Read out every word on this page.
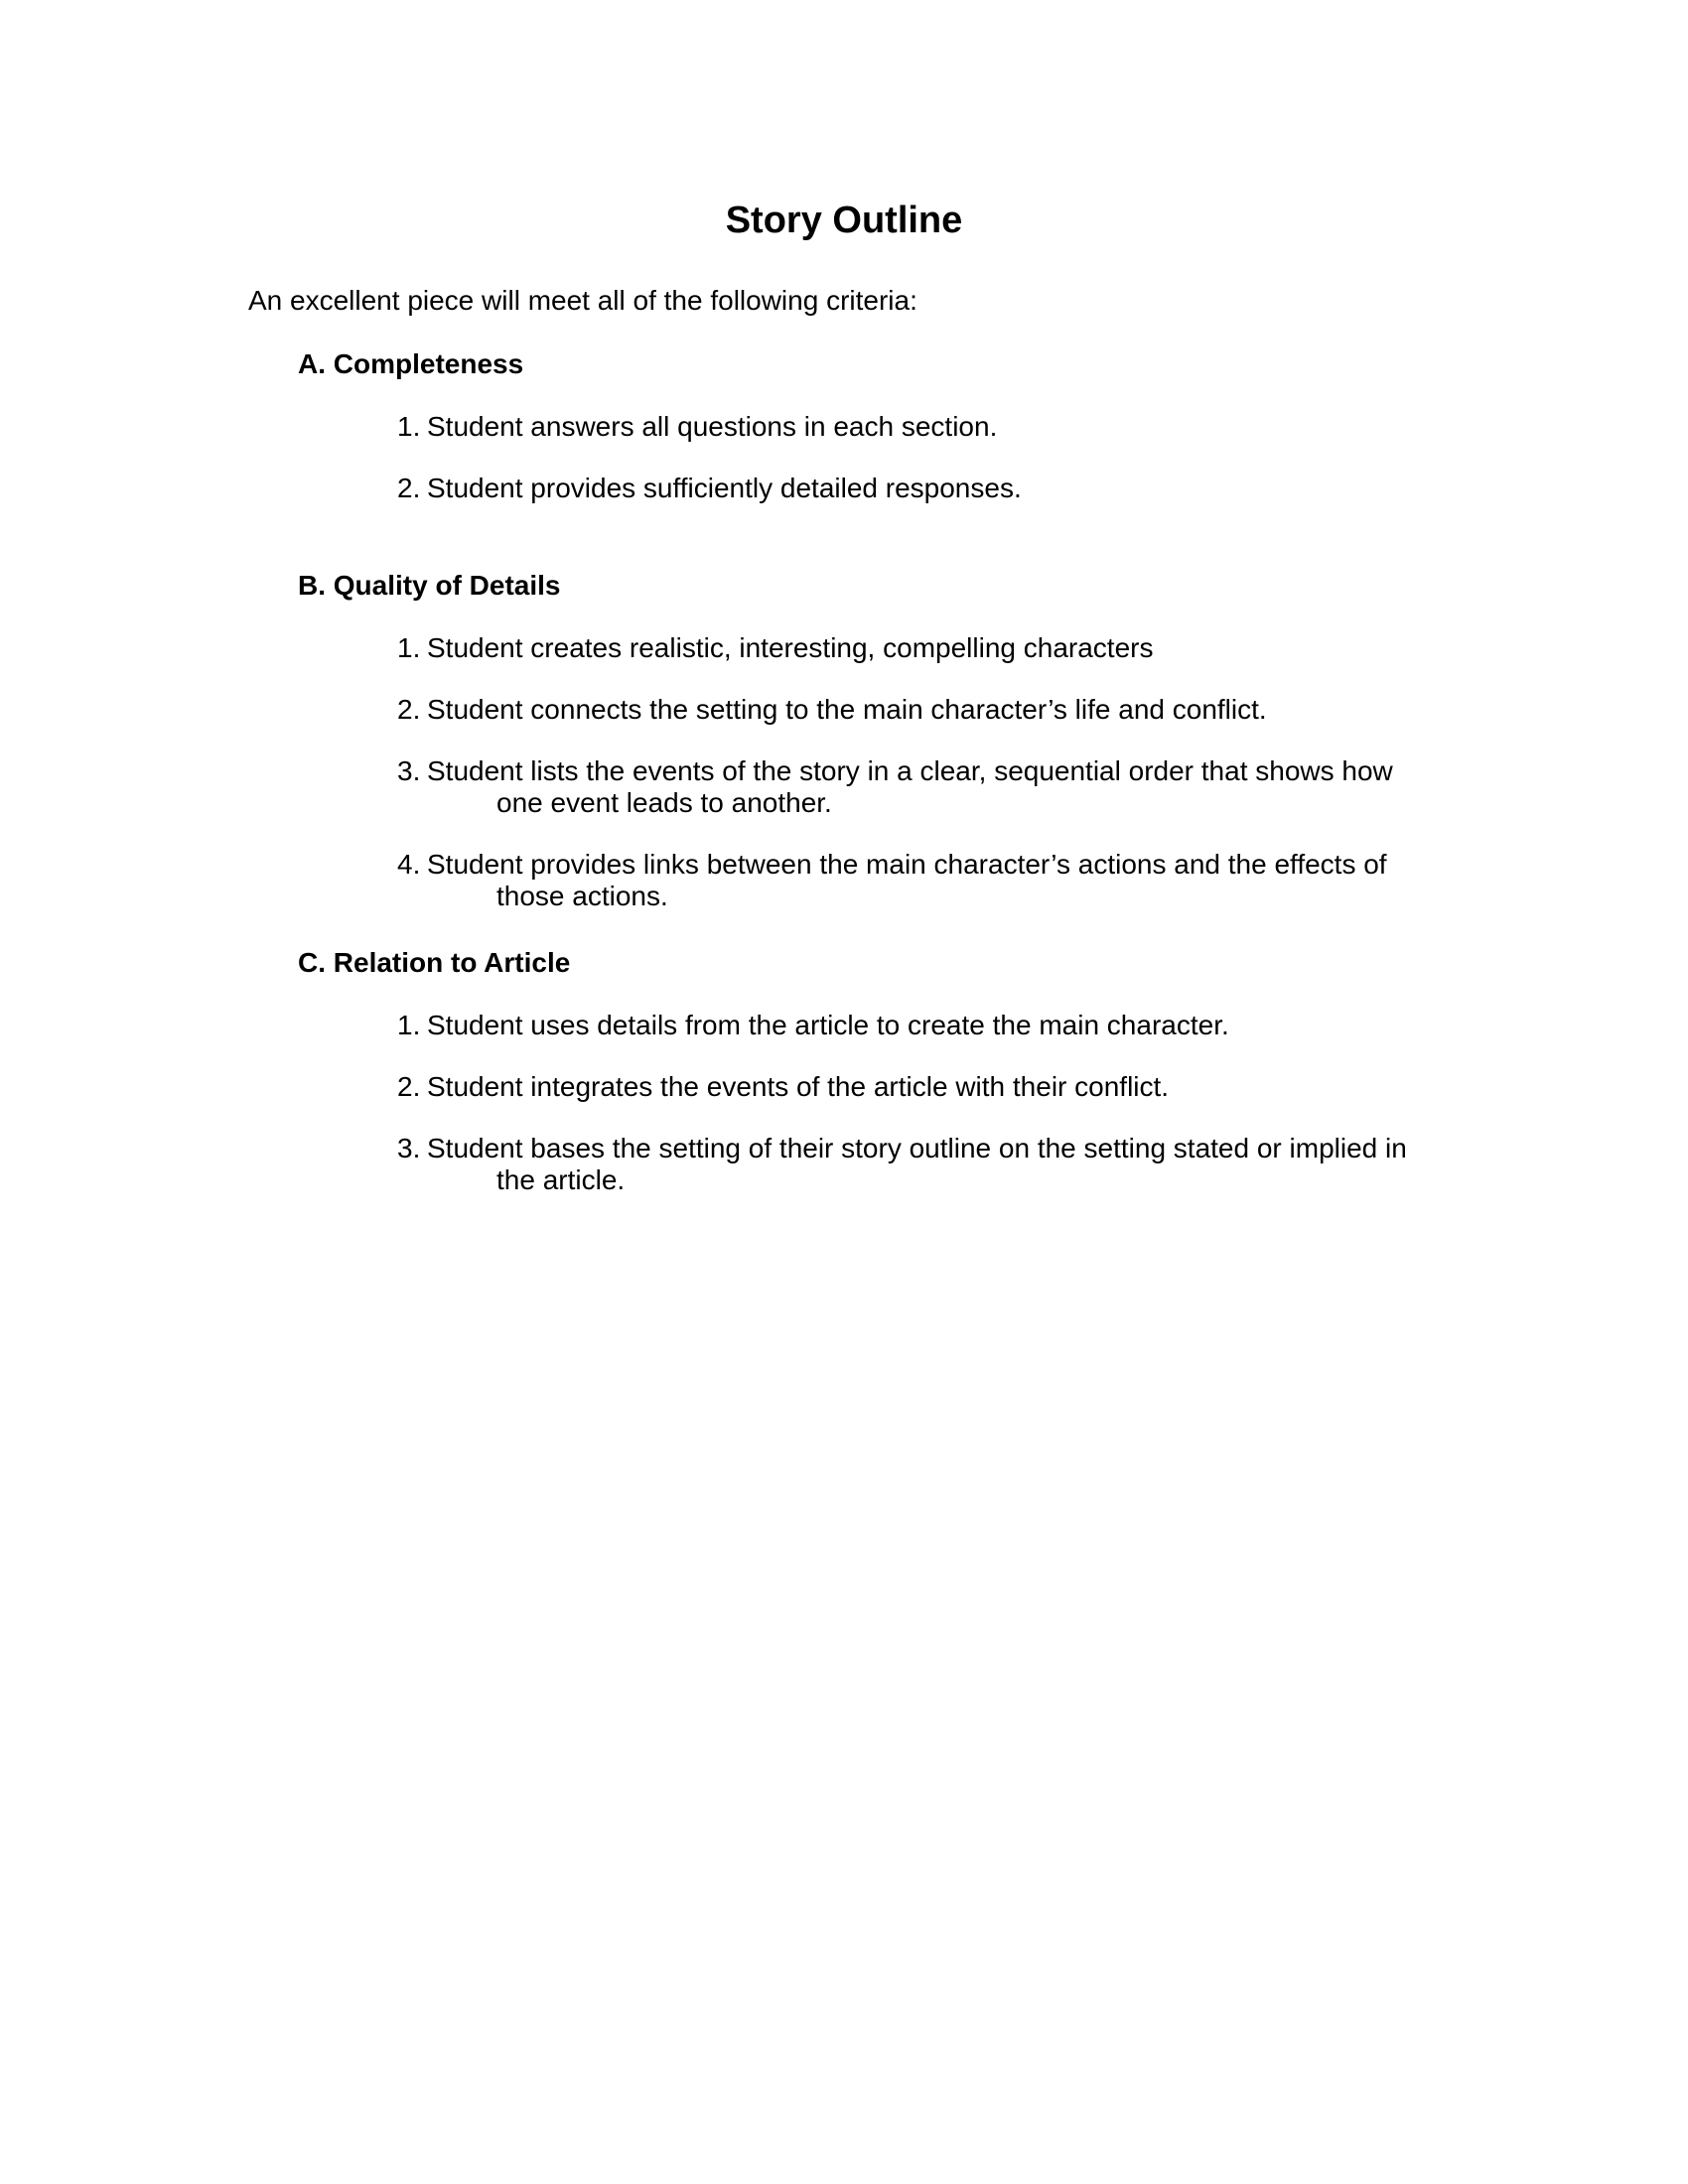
Story Outline

An excellent piece will meet all of the following criteria:

A. Completeness
1. Student answers all questions in each section.
2. Student provides sufficiently detailed responses.
B. Quality of Details
1. Student creates realistic, interesting, compelling characters
2. Student connects the setting to the main character’s life and conflict.
3. Student lists the events of the story in a clear, sequential order that shows how
one event leads to another.
4. Student provides links between the main character’s actions and the effects of
those actions.
C. Relation to Article
1. Student uses details from the article to create the main character.
2. Student integrates the events of the article with their conflict.
3. Student bases the setting of their story outline on the setting stated or implied in
the article.
